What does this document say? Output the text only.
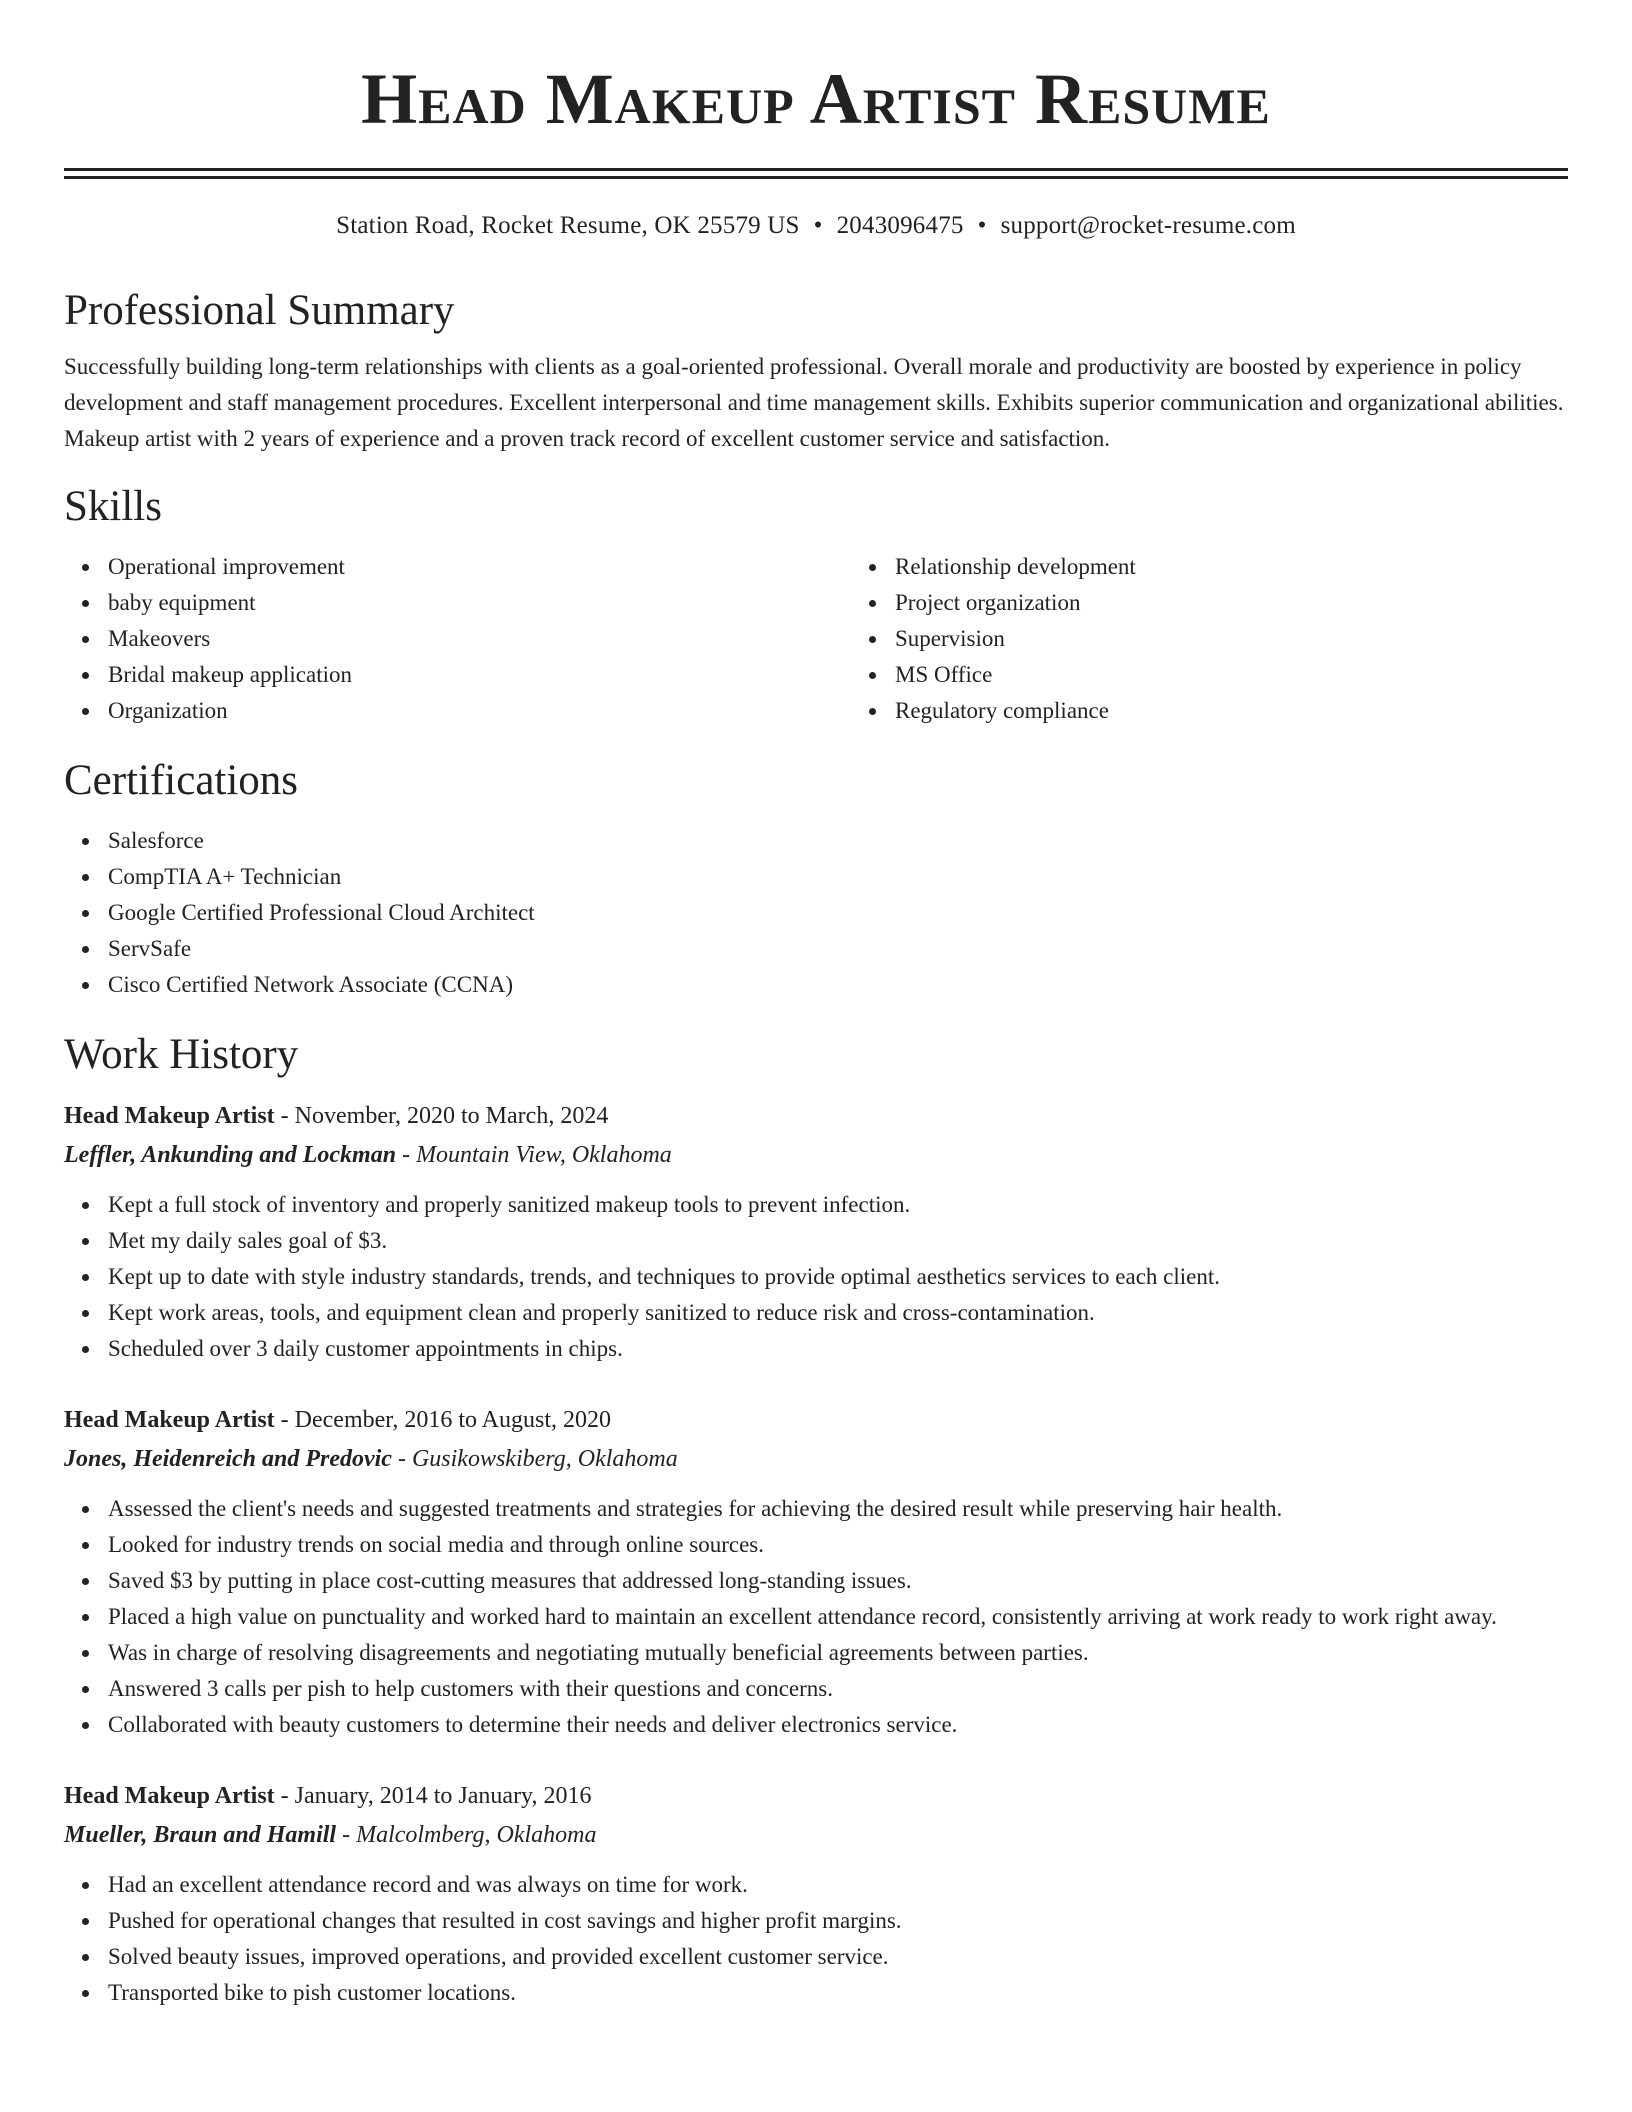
Head Makeup Artist Resume
Station Road, Rocket Resume, OK 25579 US • 2043096475 • support@rocket-resume.com
Professional Summary

Successfully building long-term relationships with clients as a goal-oriented professional. Overall morale and productivity are boosted by experience in policy development and staff management procedures. Excellent interpersonal and time management skills. Exhibits superior communication and organizational abilities. Makeup artist with 2 years of experience and a proven track record of excellent customer service and satisfaction.

Skills
Operational improvement
baby equipment
Makeovers
Bridal makeup application
Organization
Relationship development
Project organization
Supervision
MS Office
Regulatory compliance
Certifications
Salesforce
CompTIA A+ Technician
Google Certified Professional Cloud Architect
ServSafe
Cisco Certified Network Associate (CCNA)
Work History
Head Makeup Artist - November, 2020 to March, 2024
Leffler, Ankunding and Lockman - Mountain View, Oklahoma
Kept a full stock of inventory and properly sanitized makeup tools to prevent infection.
Met my daily sales goal of $3.
Kept up to date with style industry standards, trends, and techniques to provide optimal aesthetics services to each client.
Kept work areas, tools, and equipment clean and properly sanitized to reduce risk and cross-contamination.
Scheduled over 3 daily customer appointments in chips.
Head Makeup Artist - December, 2016 to August, 2020
Jones, Heidenreich and Predovic - Gusikowskiberg, Oklahoma
Assessed the client's needs and suggested treatments and strategies for achieving the desired result while preserving hair health.
Looked for industry trends on social media and through online sources.
Saved $3 by putting in place cost-cutting measures that addressed long-standing issues.
Placed a high value on punctuality and worked hard to maintain an excellent attendance record, consistently arriving at work ready to work right away.
Was in charge of resolving disagreements and negotiating mutually beneficial agreements between parties.
Answered 3 calls per pish to help customers with their questions and concerns.
Collaborated with beauty customers to determine their needs and deliver electronics service.
Head Makeup Artist - January, 2014 to January, 2016
Mueller, Braun and Hamill - Malcolmberg, Oklahoma
Had an excellent attendance record and was always on time for work.
Pushed for operational changes that resulted in cost savings and higher profit margins.
Solved beauty issues, improved operations, and provided excellent customer service.
Transported bike to pish customer locations.
